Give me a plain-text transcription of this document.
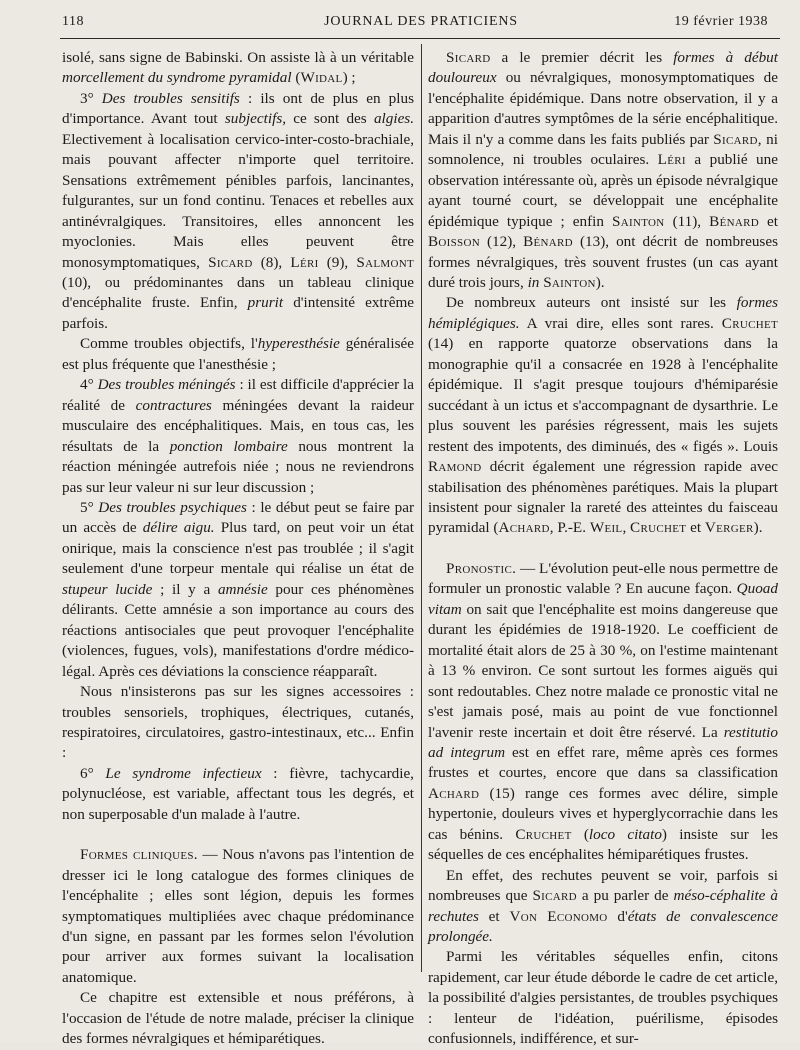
118	JOURNAL DES PRATICIENS	19 février 1938

isolé, sans signe de Babinski. On assiste là à un véritable morcellement du syndrome pyramidal (Widal) ;

3° Des troubles sensitifs : ils ont de plus en plus d'importance. Avant tout subjectifs, ce sont des algies. Electivement à localisation cervico-inter-costo-brachiale, mais pouvant affecter n'importe quel territoire. Sensations extrêmement pénibles parfois, lancinantes, fulgurantes, sur un fond continu. Tenaces et rebelles aux antinévralgiques. Transitoires, elles annoncent les myoclonies. Mais elles peuvent être monosymptomatiques, Sicard (8), Léri (9), Salmont (10), ou prédominantes dans un tableau clinique d'encéphalite fruste. Enfin, prurit d'intensité extrême parfois.

Comme troubles objectifs, l'hyperesthésie généralisée est plus fréquente que l'anesthésie ;

4° Des troubles méningés : il est difficile d'apprécier la réalité de contractures méningées devant la raideur musculaire des encéphalitiques. Mais, en tous cas, les résultats de la ponction lombaire nous montrent la réaction méningée autrefois niée ; nous ne reviendrons pas sur leur valeur ni sur leur discussion ;

5° Des troubles psychiques : le début peut se faire par un accès de délire aigu. Plus tard, on peut voir un état onirique, mais la conscience n'est pas troublée ; il s'agit seulement d'une torpeur mentale qui réalise un état de stupeur lucide ; il y a amnésie pour ces phénomènes délirants. Cette amnésie a son importance au cours des réactions antisociales que peut provoquer l'encéphalite (violences, fugues, vols), manifestations d'ordre médico-légal. Après ces déviations la conscience réapparaît.

Nous n'insisterons pas sur les signes accessoires : troubles sensoriels, trophiques, électriques, cutanés, respiratoires, circulatoires, gastro-intestinaux, etc... Enfin :

6° Le syndrome infectieux : fièvre, tachycardie, polynucléose, est variable, affectant tous les degrés, et non superposable d'un malade à l'autre.

Formes cliniques. — Nous n'avons pas l'intention de dresser ici le long catalogue des formes cliniques de l'encéphalite ; elles sont légion, depuis les formes symptomatiques multipliées avec chaque prédominance d'un signe, en passant par les formes selon l'évolution pour arriver aux formes suivant la localisation anatomique.

Ce chapitre est extensible et nous préférons, à l'occasion de l'étude de notre malade, préciser la clinique des formes névralgiques et hémiparétiques.

Sicard a le premier décrit les formes à début douloureux ou névralgiques, monosymptomatiques de l'encéphalite épidémique. Dans notre observation, il y a apparition d'autres symptômes de la série encéphalitique. Mais il n'y a comme dans les faits publiés par Sicard, ni somnolence, ni troubles oculaires. Léri a publié une observation intéressante où, après un épisode névralgique ayant tourné court, se développait une encéphalite épidémique typique ; enfin Sainton (11), Bénard et Boisson (12), Bénard (13), ont décrit de nombreuses formes névralgiques, très souvent frustes (un cas ayant duré trois jours, in Sainton).

De nombreux auteurs ont insisté sur les formes hémiplégiques. A vrai dire, elles sont rares. Cruchet (14) en rapporte quatorze observations dans la monographie qu'il a consacrée en 1928 à l'encéphalite épidémique. Il s'agit presque toujours d'hémiparésie succédant à un ictus et s'accompagnant de dysarthrie. Le plus souvent les parésies régressent, mais les sujets restent des impotents, des diminués, des « figés ». Louis Ramond décrit également une régression rapide avec stabilisation des phénomènes parétiques. Mais la plupart insistent pour signaler la rareté des atteintes du faisceau pyramidal (Achard, P.-E. Weil, Cruchet et Verger).

Pronostic. — L'évolution peut-elle nous permettre de formuler un pronostic valable ? En aucune façon. Quoad vitam on sait que l'encéphalite est moins dangereuse que durant les épidémies de 1918-1920. Le coefficient de mortalité était alors de 25 à 30 %, on l'estime maintenant à 13 % environ. Ce sont surtout les formes aiguës qui sont redoutables. Chez notre malade ce pronostic vital ne s'est jamais posé, mais au point de vue fonctionnel l'avenir reste incertain et doit être réservé. La restitutio ad integrum est en effet rare, même après ces formes frustes et courtes, encore que dans sa classification Achard (15) range ces formes avec délire, simple hypertonie, douleurs vives et hyperglycorrachie dans les cas bénins. Cruchet (loco citato) insiste sur les séquelles de ces encéphalites hémiparétiques frustes.

En effet, des rechutes peuvent se voir, parfois si nombreuses que Sicard a pu parler de méso-céphalite à rechutes et Von Economo d'états de convalescence prolongée.

Parmi les véritables séquelles enfin, citons rapidement, car leur étude déborde le cadre de cet article, la possibilité d'algies persistantes, de troubles psychiques : lenteur de l'idéation, puérilisme, épisodes confusionnels, indifférence, et sur-
